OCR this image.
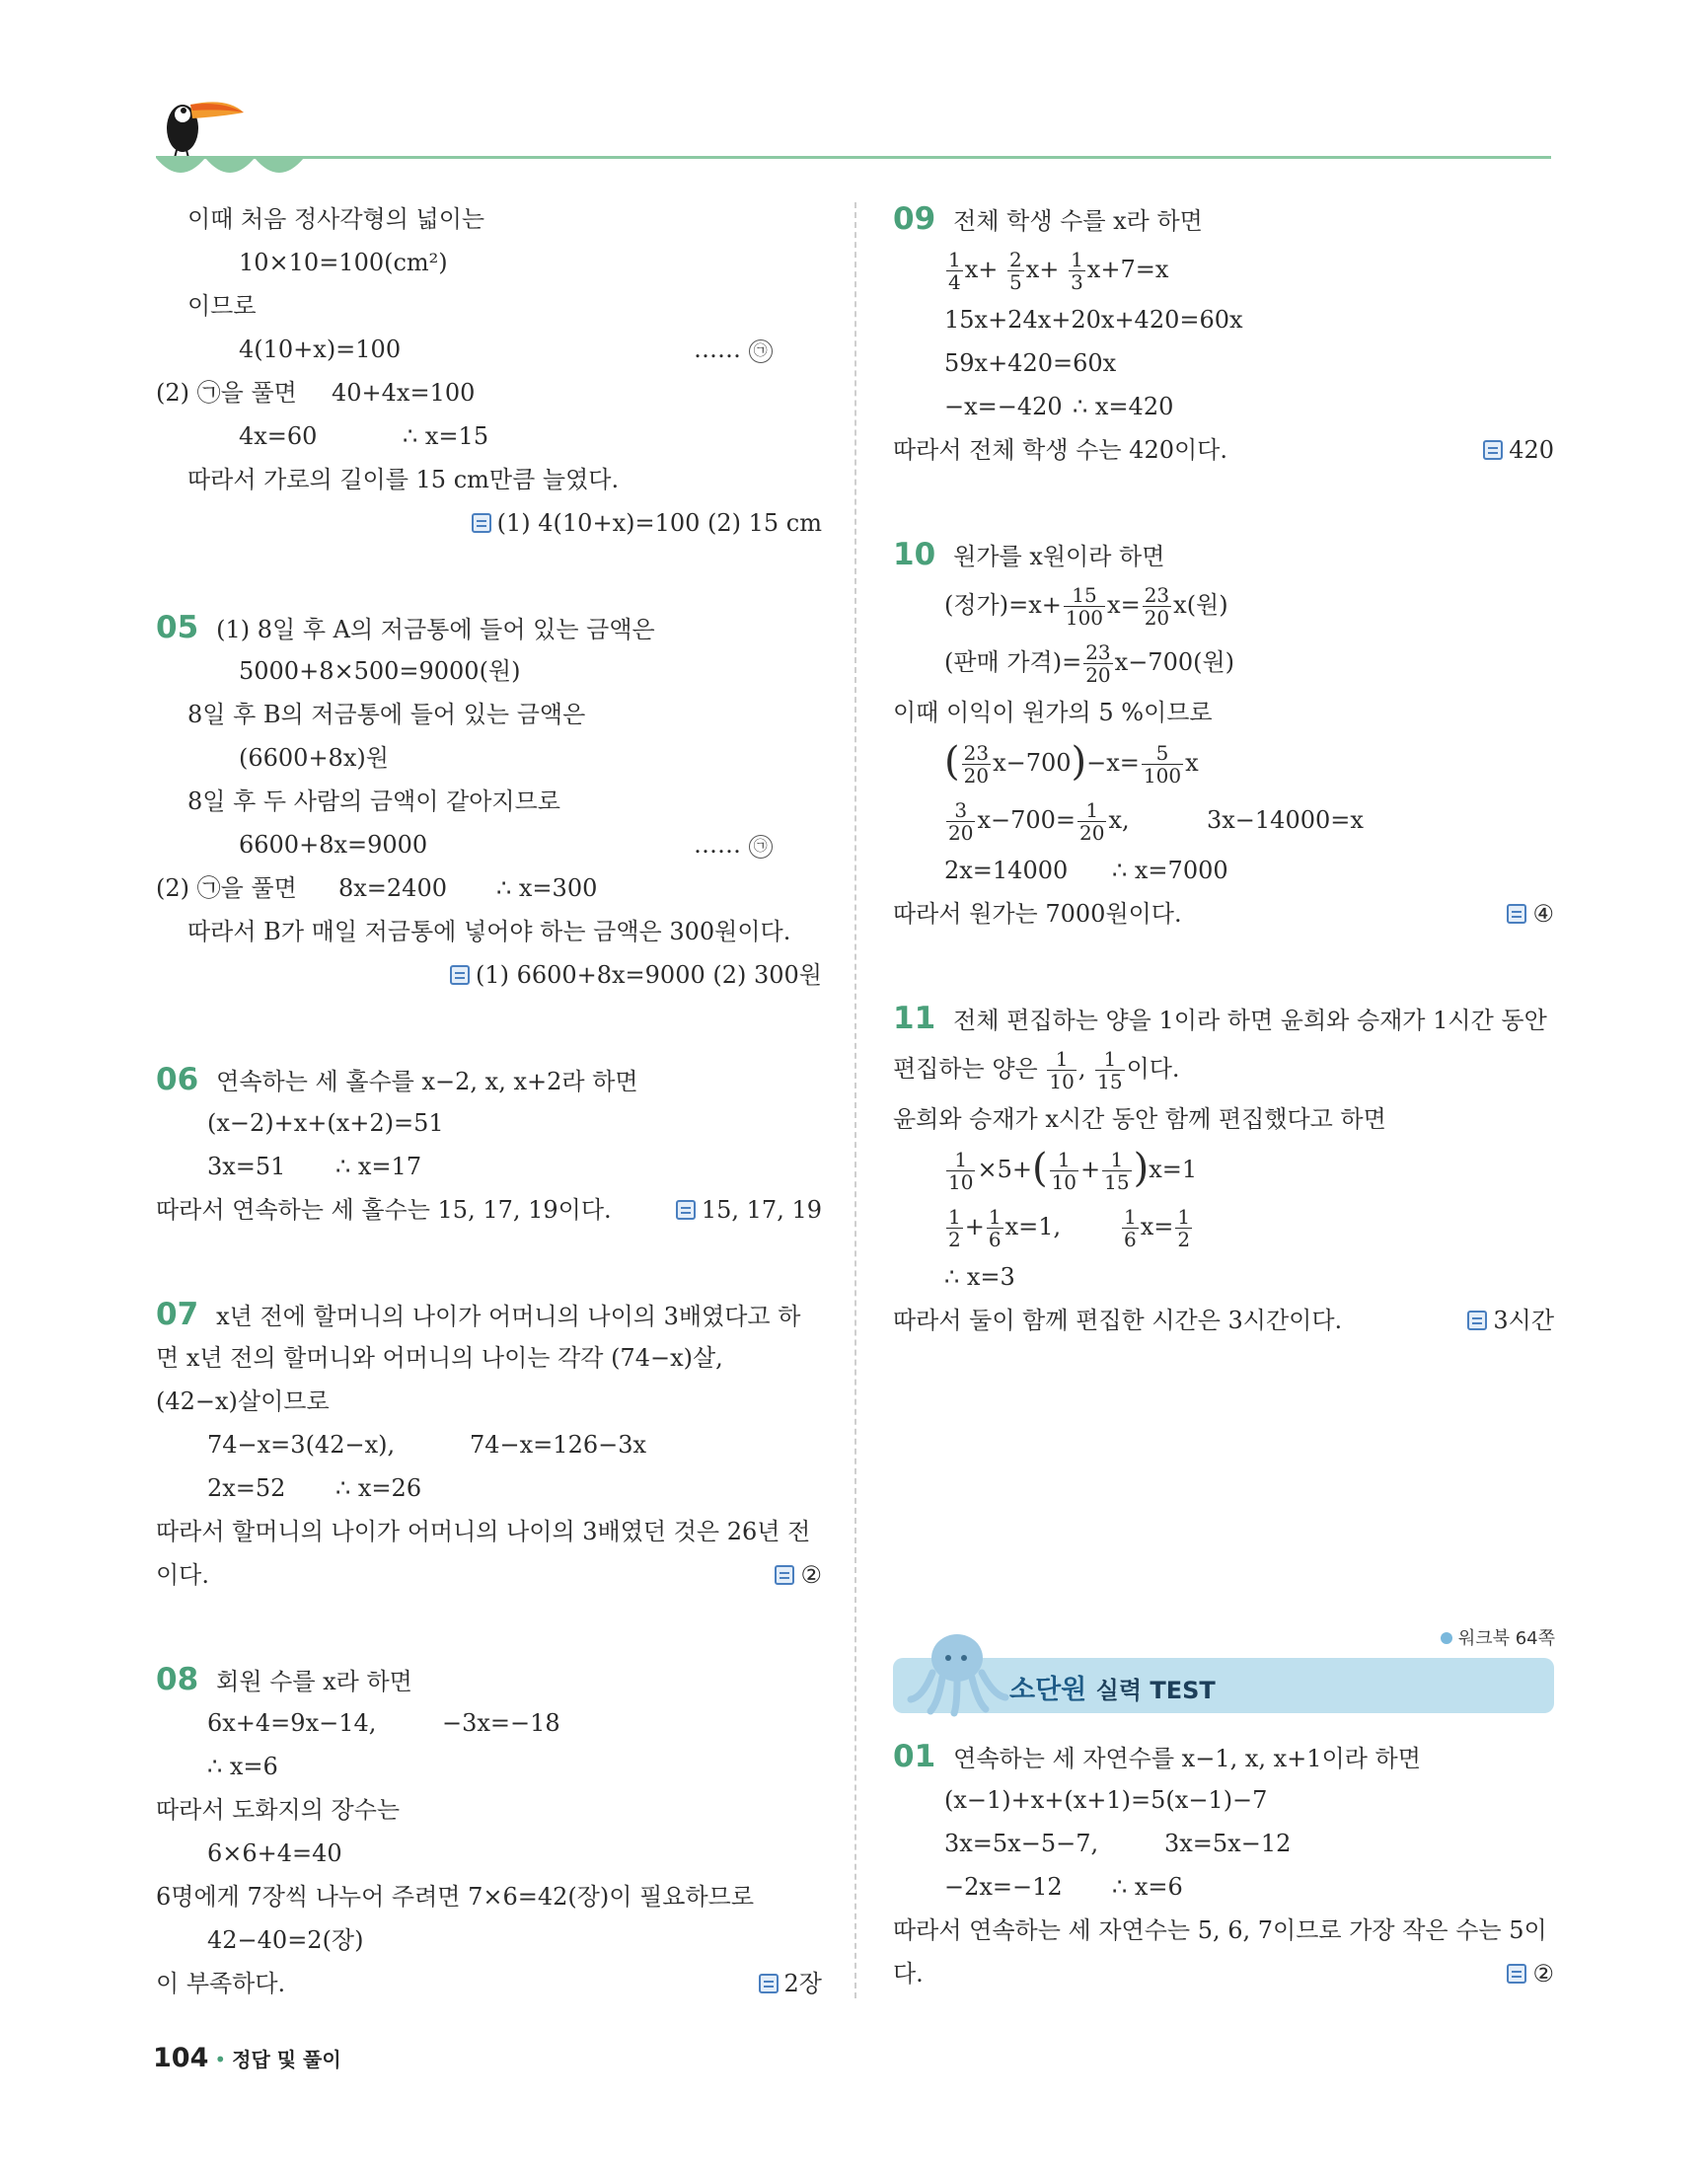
이때 처음 정사각형의 넓이는
10×10=100(cm²)
이므로
4(10+x)=100	…… ㉠
(2) ㉠을 풀면 40+4x=100
4x=60	∴ x=15
따라서 가로의 길이를 15 cm만큼 늘였다.
(1) 4(10+x)=100 (2) 15 cm
05 (1) 8일 후 A의 저금통에 들어 있는 금액은
5000+8×500=9000(원)
8일 후 B의 저금통에 들어 있는 금액은
(6600+8x)원
8일 후 두 사람의 금액이 같아지므로
6600+8x=9000	…… ㉠
(2) ㉠을 풀면 8x=2400 ∴ x=300
따라서 B가 매일 저금통에 넣어야 하는 금액은 300원이다.
(1) 6600+8x=9000 (2) 300원
06 연속하는 세 홀수를 x−2, x, x+2라 하면
(x−2)+x+(x+2)=51
3x=51 ∴ x=17
따라서 연속하는 세 홀수는 15, 17, 19이다.	15, 17, 19
07 x년 전에 할머니의 나이가 어머니의 나이의 3배였다고 하
면 x년 전의 할머니와 어머니의 나이는 각각 (74−x)살,
(42−x)살이므로
74−x=3(42−x),	74−x=126−3x
2x=52 ∴ x=26
따라서 할머니의 나이가 어머니의 나이의 3배였던 것은 26년 전
이다.	②
08 회원 수를 x라 하면
6x+4=9x−14,	−3x=−18
∴ x=6
따라서 도화지의 장수는
6×6+4=40
6명에게 7장씩 나누어 주려면 7×6=42(장)이 필요하므로
42−40=2(장)
이 부족하다.	2장
09 전체 학생 수를 x라 하면
$\frac{1}{4} x+ \frac{2}{5} x+ \frac{1}{3} x+7=x$
15x+24x+20x+420=60x
59x+420=60x
−x=−420 ∴ x=420
따라서 전체 학생 수는 420이다.	420
10 원가를 x원이라 하면
(정가)$=x+ \frac{15}{100} x= \frac{23}{20} x$(원)
(판매 가격)= $\frac{23}{20} x-700$(원)
이때 이익이 원가의 5 %이므로
( $\frac{23}{20} x-700)-x= \frac{5}{100}$ x
$\frac{3}{20} x-700= \frac{1}{20} x$,	3x−14000=x
2x=14000 ∴ x=7000
따라서 원가는 7000원이다.	④
11 전체 편집하는 양을 1이라 하면 윤희와 승재가 1시간 동안
편집하는 양은 $\frac{1}{10}$ , $\frac{1}{15}$ 이다.
윤희와 승재가 x시간 동안 함께 편집했다고 하면
$\frac{1}{10} \times 5+( \frac{1}{10} + \frac{1}{15} )x=1$
$\frac{1}{2} + \frac{1}{6} x=1$,	$\frac{1}{6} x= \frac{1}{2}$
∴ x=3
따라서 둘이 함께 편집한 시간은 3시간이다.	3시간
워크북 64쪽
소단원 실력 TEST
01 연속하는 세 자연수를 x−1, x, x+1이라 하면
(x−1)+x+(x+1)=5(x−1)−7
3x=5x−5−7,	3x=5x−12
−2x=−12 ∴ x=6
따라서 연속하는 세 자연수는 5, 6, 7이므로 가장 작은 수는 5이
다.	②
104 • 정답 및 풀이
